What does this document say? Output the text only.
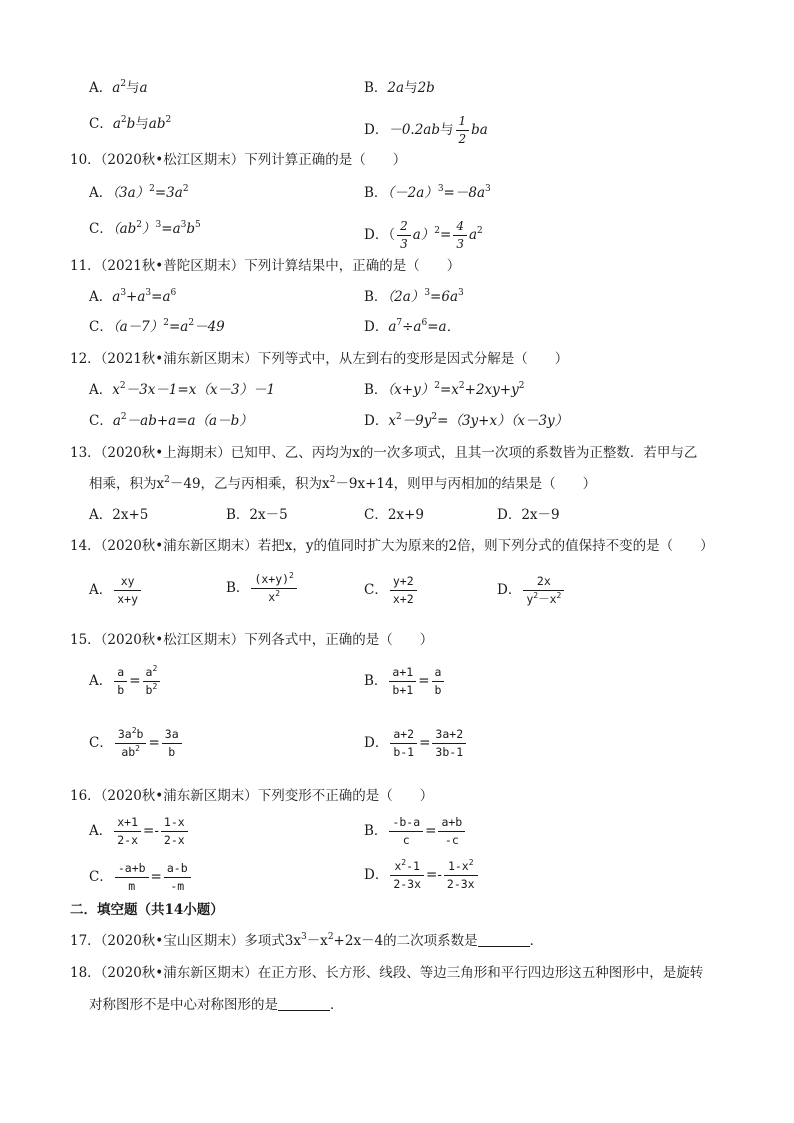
A．$a^2$与a	B．2a与2b
C．$a^2b$与$ab^2$
D．－0.2ab与 $\frac{1}{2}$ ba
10．（2020秋•松江区期末）下列计算正确的是（　　）
A．$(3a)^2=3a^2$	B．$(-2a)^3=-8a^3$
C．$(ab^2)^3=a^3b^5$
D．（ $\frac{2}{3} a)^2= \frac{4}{3} a^2$
11．（2021秋•普陀区期末）下列计算结果中，正确的是（　　）
A．$a^3+a^3=a^6$	B．$(2a)^3=6a^3$
C．$(a-7)^2=a^2-49$	D．$a^7\div a^6=a$．
12．（2021秋•浦东新区期末）下列等式中，从左到右的变形是因式分解是（　　）
A．$x^2-3x-1=x(x-3)-1$	B．$(x+y)^2=x^2+2xy+y^2$
C．$a^2-ab+a=a(a-b)$	D．$x^2-9y^2=(3y+x)(x-3y)$
13．（2020秋•上海期末）已知甲、乙、丙均为x的一次多项式，且其一次项的系数皆为正整数．若甲与乙
相乘，积为$x^2-49$，乙与丙相乘，积为$x^2-9x+14$，则甲与丙相加的结果是（　　）
A．2x+5	B．2x－5	C．2x+9	D．2x－9
14．（2020秋•浦东新区期末）若把x，y的值同时扩大为原来的2倍，则下列分式的值保持不变的是（　　）
A． $\frac{xy}{x+y}$	B． $\frac{(x+y)^2}{x^2}$	C． $\frac{y+2}{x+2}$	D． $\frac{2x}{y^2-x^2}$
15．（2020秋•松江区期末）下列各式中，正确的是（　　）
A． $\frac{a}{b} = \frac{a^2}{b^2}$	B． $\frac{a+1}{b+1} = \frac{a}{b}$
C． $\frac{3a^2b}{ab^2} = \frac{3a}{b}$	D． $\frac{a+2}{b-1} = \frac{3a+2}{3b-1}$
16．（2020秋•浦东新区期末）下列变形不正确的是（　　）
A． $\frac{x+1}{2-x} =- \frac{1-x}{2-x}$	B． $\frac{-b-a}{c} = \frac{a+b}{-c}$
C． $\frac{-a+b}{m} = \frac{a-b}{-m}$	D． $\frac{x^2-1}{2-3x} =- \frac{1-x^2}{2-3x}$
二．填空题（共14小题）
17．（2020秋•宝山区期末）多项式$3x^3-x^2+2x-4$的二次项系数是	．
18．（2020秋•浦东新区期末）在正方形、长方形、线段、等边三角形和平行四边形这五种图形中，是旋转
对称图形不是中心对称图形的是	．
